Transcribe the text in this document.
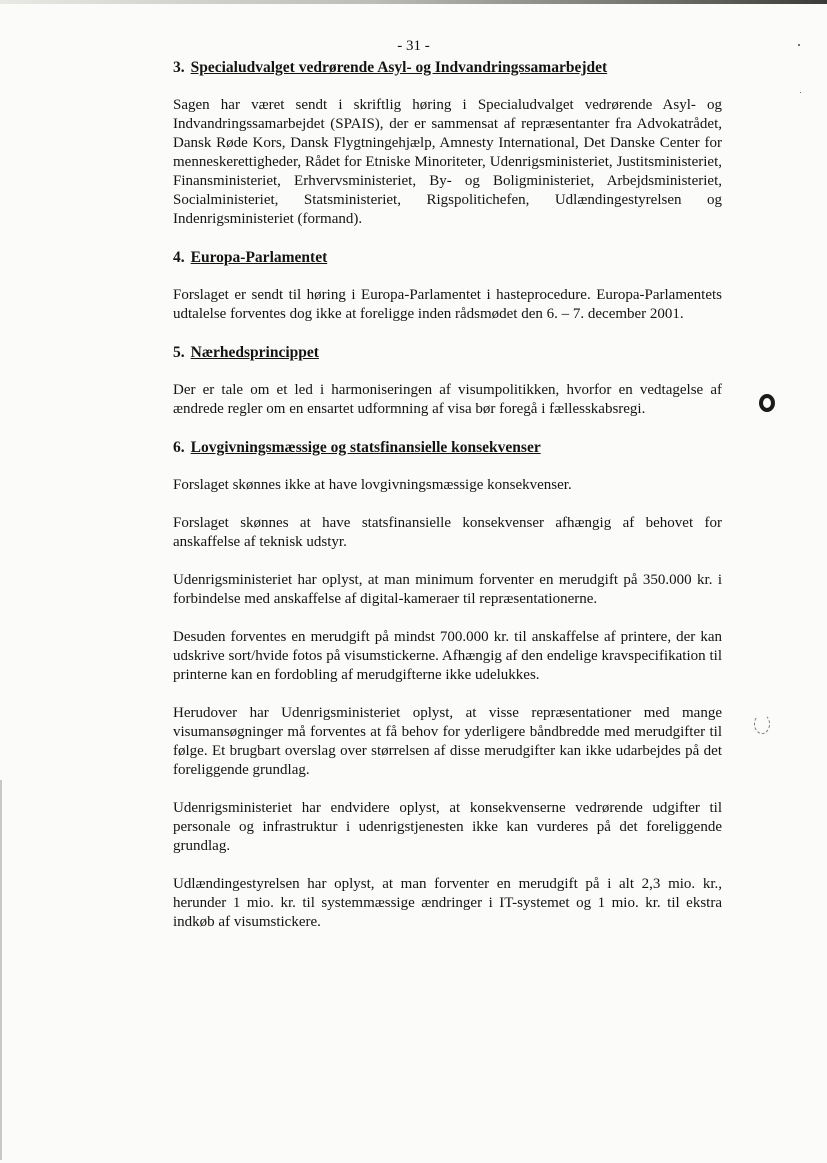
- 31 -
3. Specialudvalget vedrørende Asyl- og Indvandringssamarbejdet

Sagen har været sendt i skriftlig høring i Specialudvalget vedrørende Asyl- og Indvandringssamarbejdet (SPAIS), der er sammensat af repræsentanter fra Advokatrådet, Dansk Røde Kors, Dansk Flygtningehjælp, Amnesty International, Det Danske Center for menneskerettigheder, Rådet for Etniske Minoriteter, Udenrigsministeriet, Justitsministeriet, Finansministeriet, Erhvervsministeriet, By- og Boligministeriet, Arbejdsministeriet, Socialministeriet, Statsministeriet, Rigspolitichefen, Udlændingestyrelsen og Indenrigsministeriet (formand).

4. Europa-Parlamentet

Forslaget er sendt til høring i Europa-Parlamentet i hasteprocedure. Europa-Parlamentets udtalelse forventes dog ikke at foreligge inden rådsmødet den 6. – 7. december 2001.

5. Nærhedsprincippet

Der er tale om et led i harmoniseringen af visumpolitikken, hvorfor en vedtagelse af ændrede regler om en ensartet udformning af visa bør foregå i fællesskabsregi.

6. Lovgivningsmæssige og statsfinansielle konsekvenser

Forslaget skønnes ikke at have lovgivningsmæssige konsekvenser.

Forslaget skønnes at have statsfinansielle konsekvenser afhængig af behovet for anskaffelse af teknisk udstyr.

Udenrigsministeriet har oplyst, at man minimum forventer en merudgift på 350.000 kr. i forbindelse med anskaffelse af digital-kameraer til repræsentationerne.

Desuden forventes en merudgift på mindst 700.000 kr. til anskaffelse af printere, der kan udskrive sort/hvide fotos på visumstickerne. Afhængig af den endelige kravspecifikation til printerne kan en fordobling af merudgifterne ikke udelukkes.

Herudover har Udenrigsministeriet oplyst, at visse repræsentationer med mange visumansøgninger må forventes at få behov for yderligere båndbredde med merudgifter til følge. Et brugbart overslag over størrelsen af disse merudgifter kan ikke udarbejdes på det foreliggende grundlag.

Udenrigsministeriet har endvidere oplyst, at konsekvenserne vedrørende udgifter til personale og infrastruktur i udenrigstjenesten ikke kan vurderes på det foreliggende grundlag.

Udlændingestyrelsen har oplyst, at man forventer en merudgift på i alt 2,3 mio. kr., herunder 1 mio. kr. til systemmæssige ændringer i IT-systemet og 1 mio. kr. til ekstra indkøb af visumstickere.
